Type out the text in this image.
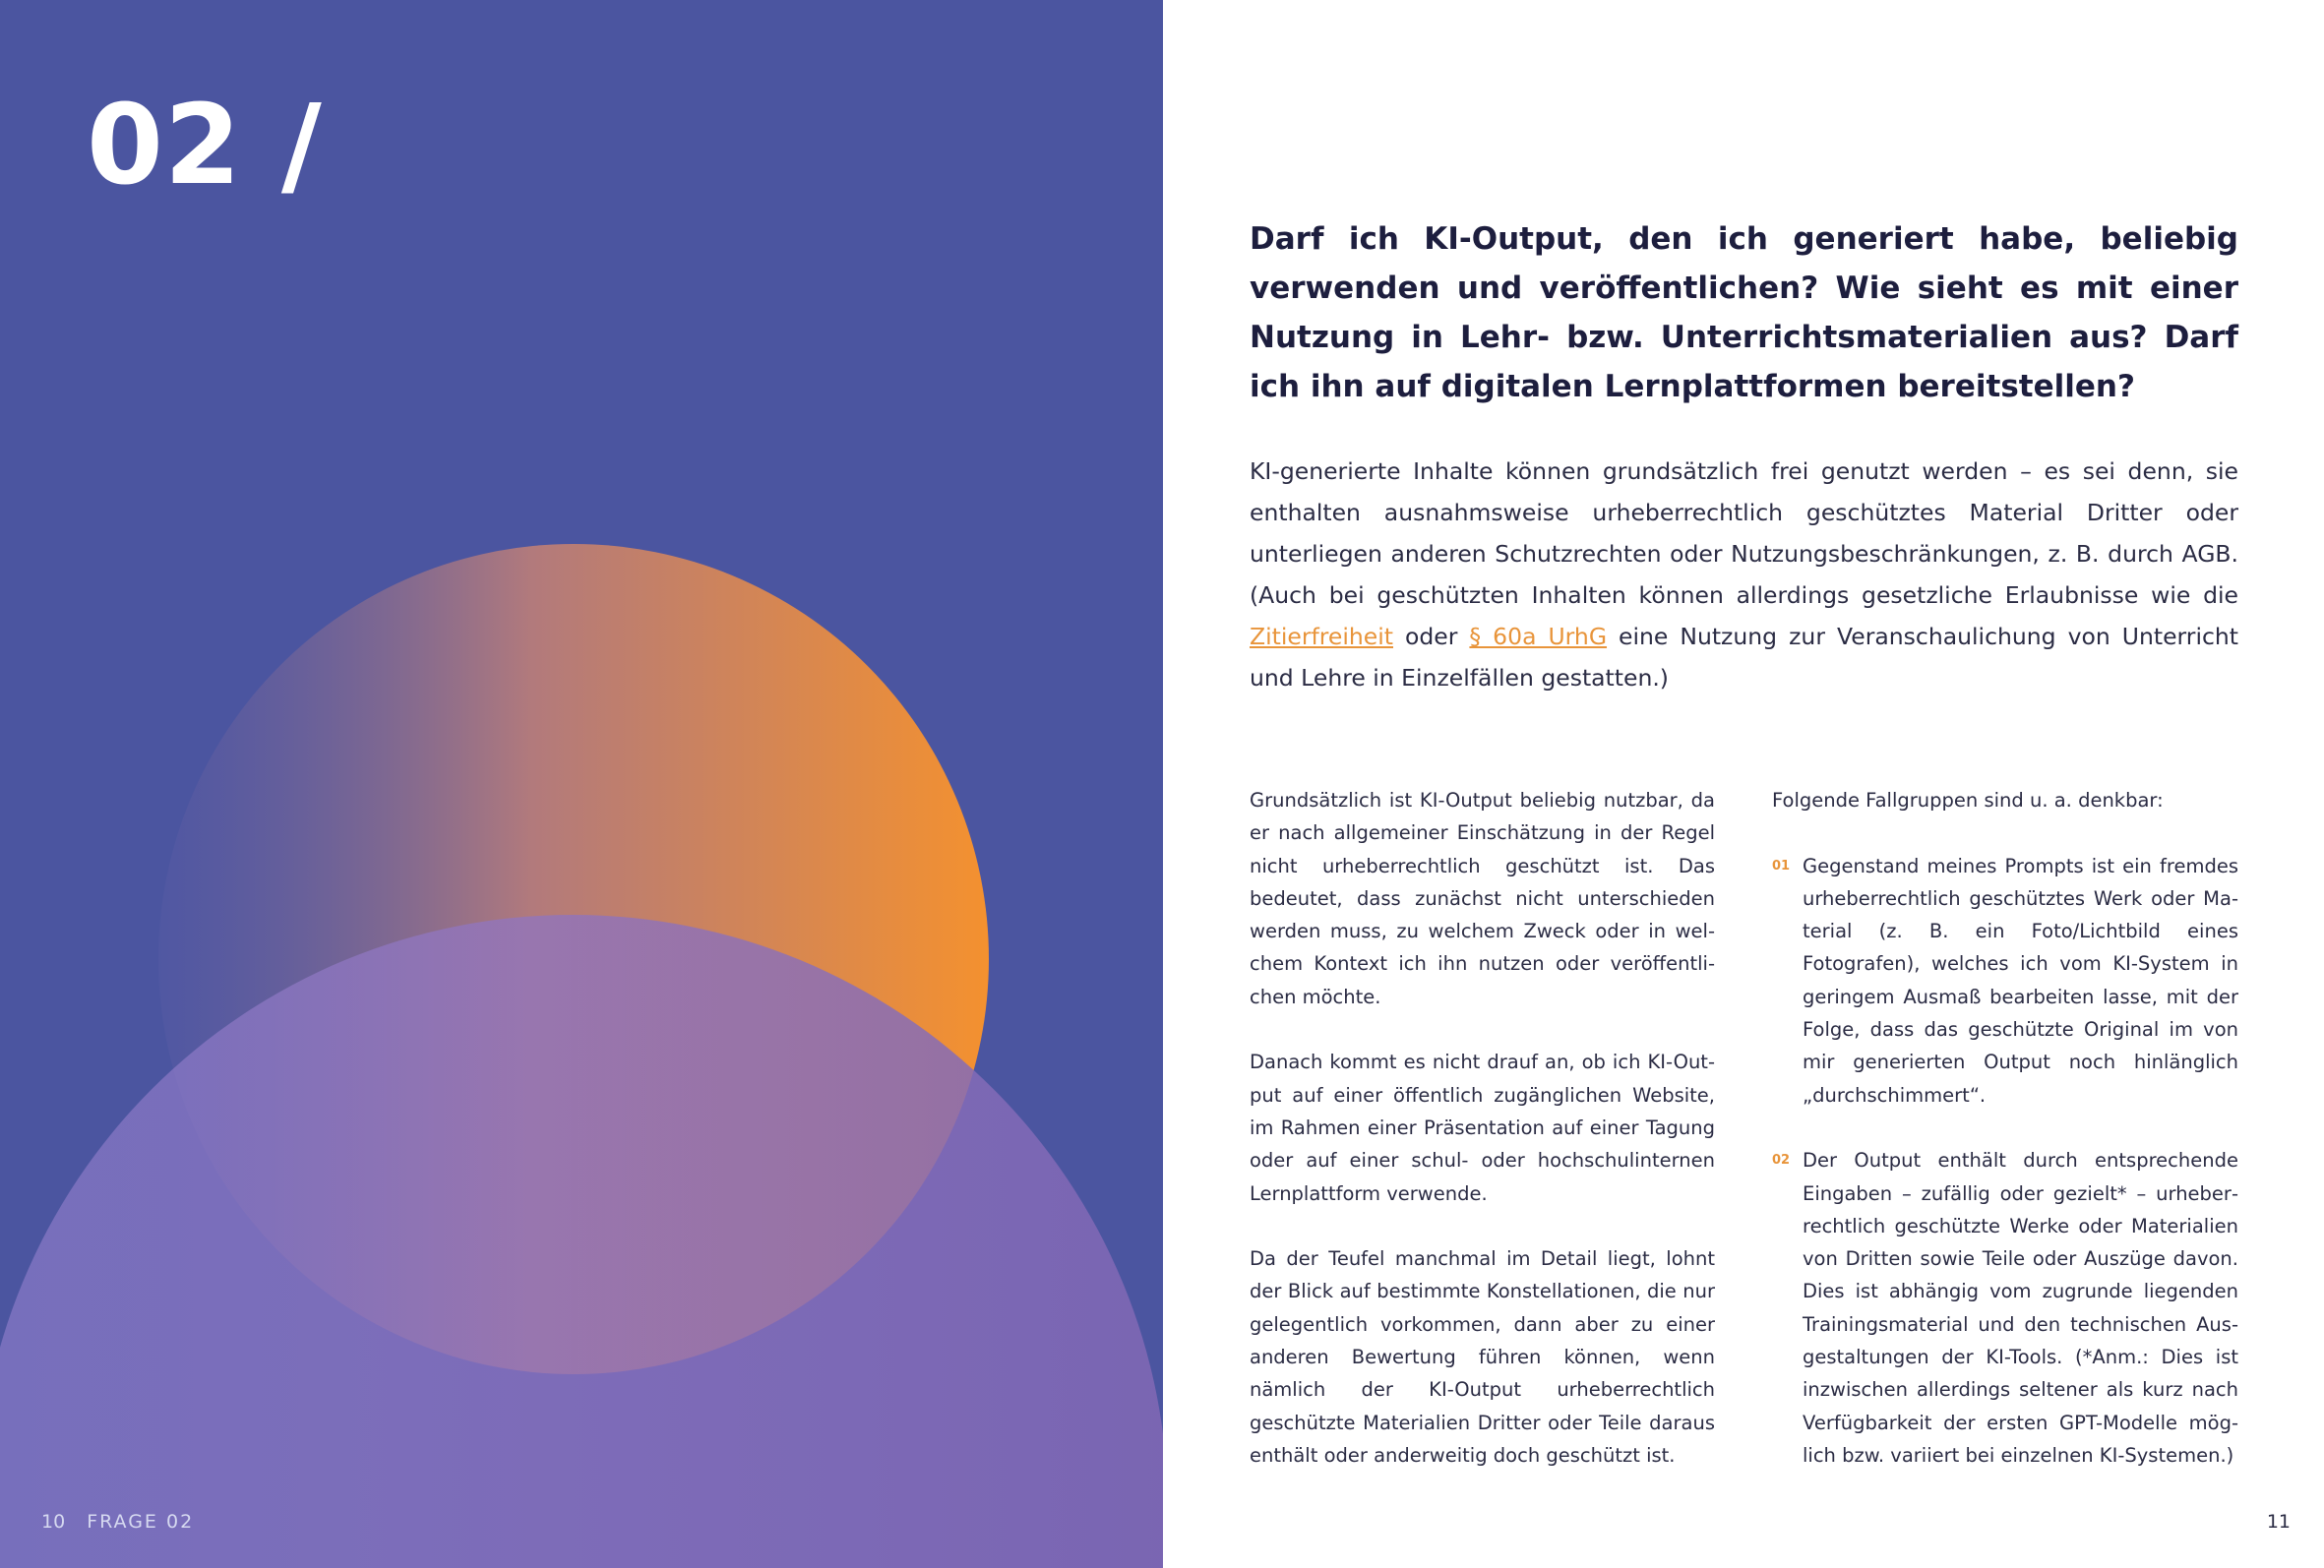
02 /
10 FRAGE 02
Darf ich KI-Output, den ich generiert habe, beliebig verwenden und veröffentlichen? Wie sieht es mit einer Nutzung in Lehr- bzw. Unterrichtsmaterialien aus? Darf ich ihn auf digitalen Lernplattformen bereitstellen?
KI-generierte Inhalte können grundsätzlich frei genutzt werden – es sei denn, sie enthalten ausnahmsweise urheberrechtlich geschütztes Material Dritter oder unterliegen anderen Schutzrechten oder Nutzungsbeschränkungen, z. B. durch AGB. (Auch bei geschützten Inhalten können allerdings gesetzliche Erlaubnisse wie die Zitierfreiheit oder § 60a UrhG eine Nutzung zur Veranschaulichung von Unterricht und Lehre in Einzelfällen gestatten.)

Grundsätzlich ist KI-Output beliebig nutzbar, da er nach allgemeiner Einschätzung in der Regel nicht urheberrechtlich geschützt ist. Das bedeutet, dass zunächst nicht unterschieden werden muss, zu welchem Zweck oder in welchem Kontext ich ihn nutzen oder veröffentlichen möchte.

Danach kommt es nicht drauf an, ob ich KI-Output auf einer öffentlich zugänglichen Website, im Rahmen einer Präsentation auf einer Tagung oder auf einer schul- oder hochschulinternen Lernplattform verwende.

Da der Teufel manchmal im Detail liegt, lohnt der Blick auf bestimmte Konstellationen, die nur gelegentlich vorkommen, dann aber zu einer anderen Bewertung führen können, wenn nämlich der KI-Output urheberrechtlich geschützte Materialien Dritter oder Teile daraus enthält oder anderweitig doch geschützt ist.

Folgende Fallgruppen sind u. a. denkbar:

01 Gegenstand meines Prompts ist ein fremdes urheberrechtlich geschütztes Werk oder Material (z. B. ein Foto/Lichtbild eines Fotografen), welches ich vom KI-System in geringem Ausmaß bearbeiten lasse, mit der Folge, dass das geschützte Original im von mir generierten Output noch hinlänglich „durchschimmert“.
02 Der Output enthält durch entsprechende Eingaben – zufällig oder gezielt* – urheberrechtlich geschützte Werke oder Materialien von Dritten sowie Teile oder Auszüge davon. Dies ist abhängig vom zugrunde liegenden Trainingsmaterial und den technischen Ausgestaltungen der KI-Tools. (*Anm.: Dies ist inzwischen allerdings seltener als kurz nach Verfügbarkeit der ersten GPT-Modelle möglich bzw. variiert bei einzelnen KI-Systemen.)
11
